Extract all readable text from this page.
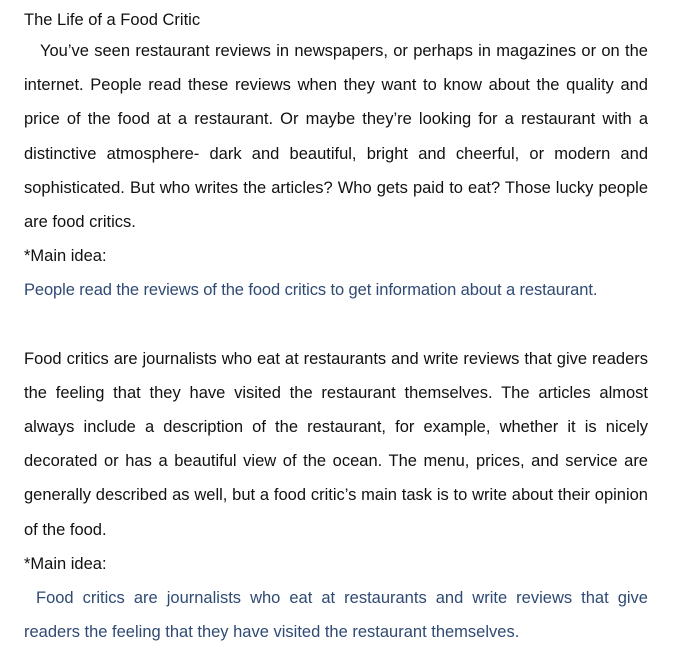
The Life of a Food Critic

You’ve seen restaurant reviews in newspapers, or perhaps in magazines or on the internet. People read these reviews when they want to know about the quality and price of the food at a restaurant. Or maybe they’re looking for a restaurant with a distinctive atmosphere- dark and beautiful, bright and cheerful, or modern and sophisticated. But who writes the articles? Who gets paid to eat? Those lucky people are food critics.

*Main idea:

People read the reviews of the food critics to get information about a restaurant.

Food critics are journalists who eat at restaurants and write reviews that give readers the feeling that they have visited the restaurant themselves. The articles almost always include a description of the restaurant, for example, whether it is nicely decorated or has a beautiful view of the ocean. The menu, prices, and service are generally described as well, but a food critic’s main task is to write about their opinion of the food.

*Main idea:

Food critics are journalists who eat at restaurants and write reviews that give readers the feeling that they have visited the restaurant themselves.
